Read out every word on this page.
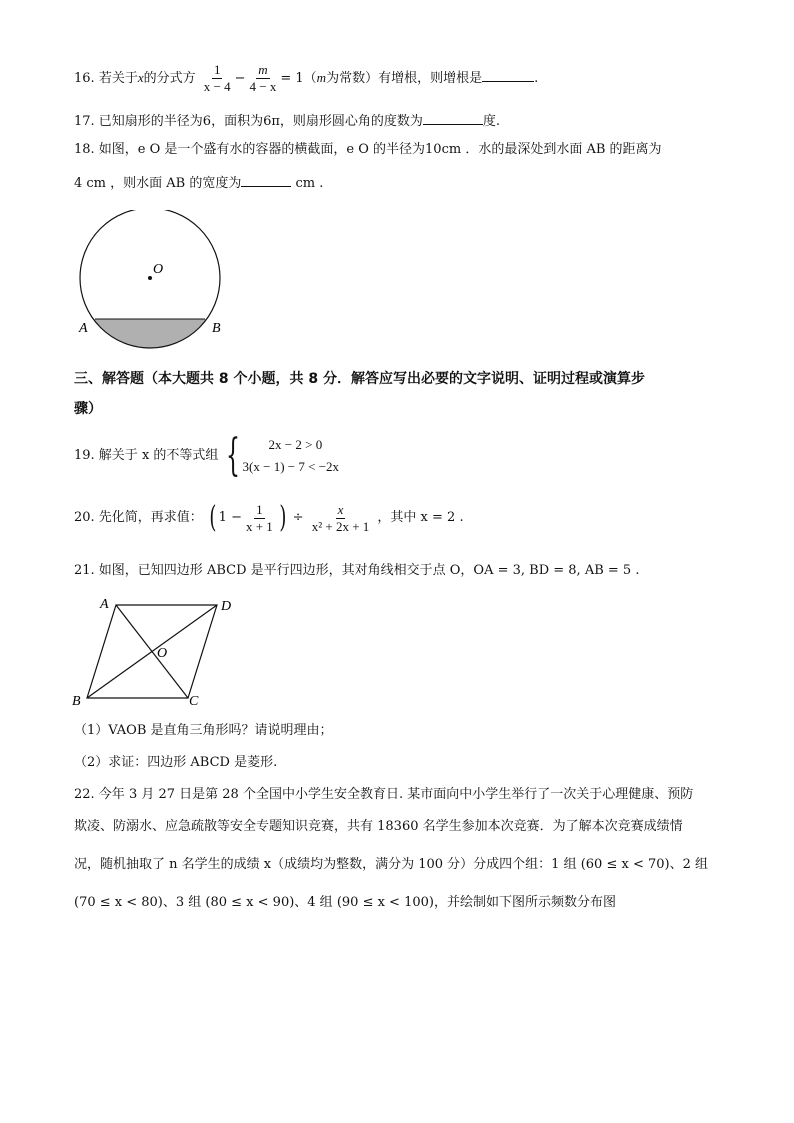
16. 若关于x的分式方 $\frac{1}{x - 4} - \frac{m}{4 - x} = 1(m$为常数）有增根，则增根是	.
17. 已知扇形的半径为6，面积为6π，则扇形圆心角的度数为	度.
18. 如图，e O 是一个盛有水的容器的横截面，e O 的半径为10cm ．水的最深处到水面 AB 的距离为
4 cm ，则水面 AB 的宽度为	cm .
O
A	B
三、解答题（本大题共 8 个小题，共 8 分．解答应写出必要的文字说明、证明过程或演算步
骤）
19. 解关于 x 的不等式组 {	2x − 2 > 0
3(x − 1) − 7 < −2x
20. 先化简，再求值： ( $1 - \frac{1}{x + 1}$ ) ÷ $\frac{x}{\text{x² + 2x + 1}}$ ，其中 x = 2 .
21. 如图，已知四边形 ABCD 是平行四边形，其对角线相交于点 O，OA = 3, BD = 8, AB = 5 .
A	D
B	C
O
（1）VAOB 是直角三角形吗？请说明理由；
（2）求证：四边形 ABCD 是菱形.
22. 今年 3 月 27 日是第 28 个全国中小学生安全教育日. 某市面向中小学生举行了一次关于心理健康、预防
欺凌、防溺水、应急疏散等安全专题知识竞赛，共有 18360 名学生参加本次竞赛．为了解本次竞赛成绩情
况，随机抽取了 n 名学生的成绩 x（成绩均为整数，满分为 100 分）分成四个组：1 组 (60 ≤ x < 70)、2 组
(70 ≤ x < 80)、3 组 (80 ≤ x < 90)、4 组 (90 ≤ x < 100)，并绘制如下图所示频数分布图
